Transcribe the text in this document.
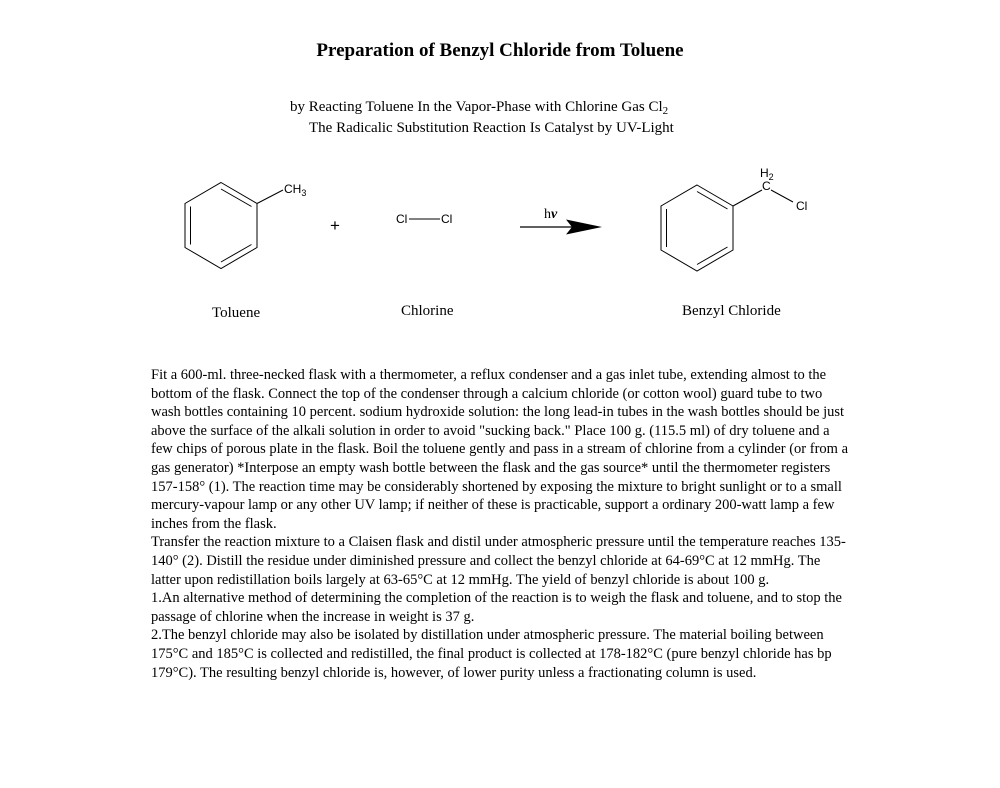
Preparation of Benzyl Chloride from Toluene
by Reacting Toluene In the Vapor-Phase with Chlorine Gas $Cl_2$
The Radicalic Substitution Reaction Is Catalyst by UV-Light
$CH_3$
+	Cl	Cl	hν
$H_2$
C
Cl
Toluene	Chlorine	Benzyl Chloride

Fit a 600-ml. three-necked flask with a thermometer, a reflux condenser and a gas inlet tube, extending almost to the bottom of the flask. Connect the top of the condenser through a calcium chloride (or cotton wool) guard tube to two wash bottles containing 10 percent. sodium hydroxide solution: the long lead-in tubes in the wash bottles should be just above the surface of the alkali solution in order to avoid "sucking back." Place 100 g. (115.5 ml) of dry toluene and a few chips of porous plate in the flask. Boil the toluene gently and pass in a stream of chlorine from a cylinder (or from a gas generator) *Interpose an empty wash bottle between the flask and the gas source* until the thermometer registers 157-158° (1). The reaction time may be considerably shortened by exposing the mixture to bright sunlight or to a small mercury-vapour lamp or any other UV lamp; if neither of these is practicable, support a ordinary 200-watt lamp a few inches from the flask.

Transfer the reaction mixture to a Claisen flask and distil under atmospheric pressure until the temperature reaches 135-140° (2). Distill the residue under diminished pressure and collect the benzyl chloride at 64-69°C at 12 mmHg. The latter upon redistillation boils largely at 63-65°C at 12 mmHg. The yield of benzyl chloride is about 100 g.

1.An alternative method of determining the completion of the reaction is to weigh the flask and toluene, and to stop the passage of chlorine when the increase in weight is 37 g.

2.The benzyl chloride may also be isolated by distillation under atmospheric pressure. The material boiling between 175°C and 185°C is collected and redistilled, the final product is collected at 178-182°C (pure benzyl chloride has bp 179°C). The resulting benzyl chloride is, however, of lower purity unless a fractionating column is used.
